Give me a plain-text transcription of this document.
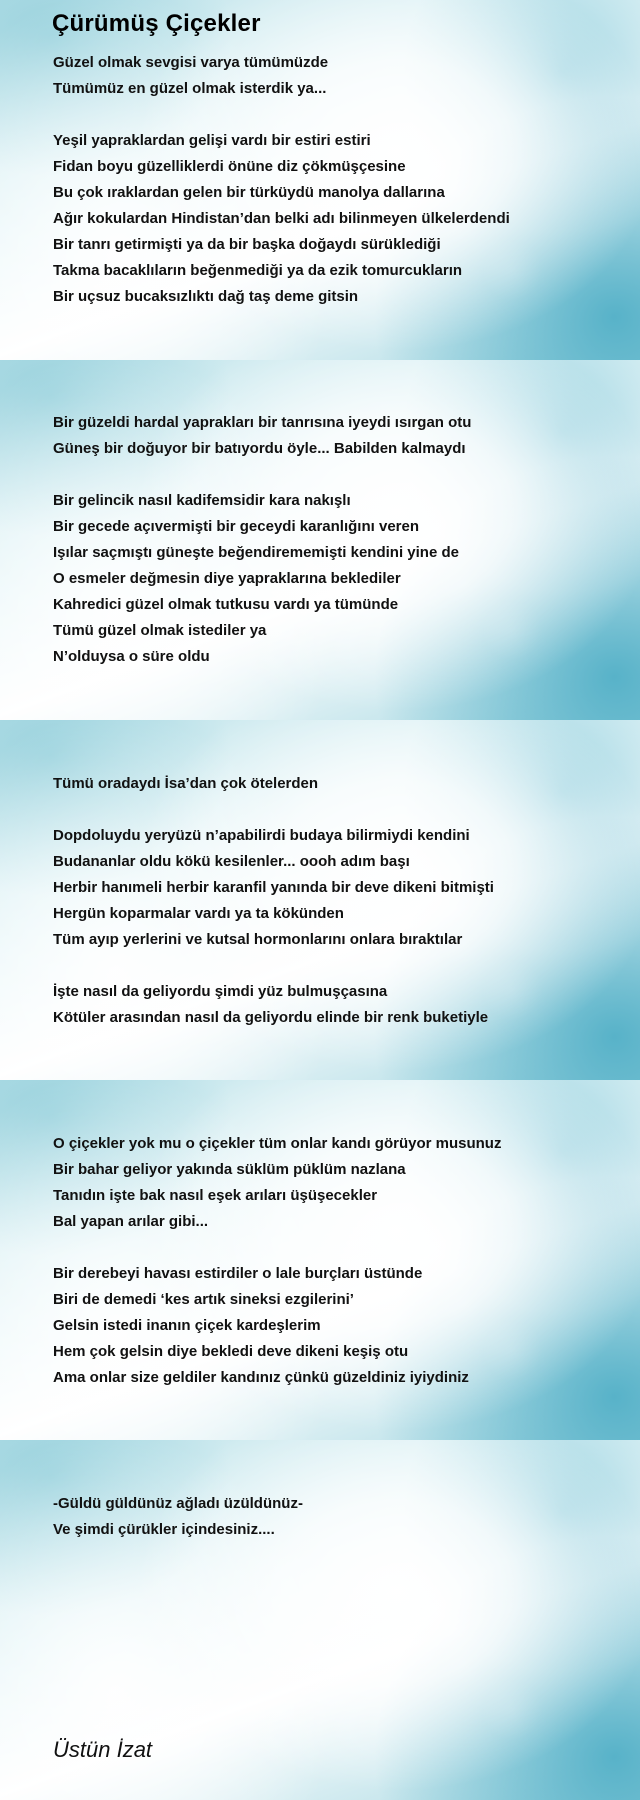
Çürümüş Çiçekler

Güzel olmak sevgisi varya tümümüzde
Tümümüz en güzel olmak isterdik ya...

Yeşil yapraklardan gelişi vardı bir estiri estiri
Fidan boyu güzelliklerdi önüne diz çökmüşçesine
Bu çok ıraklardan gelen bir türküydü manolya dallarına
Ağır kokulardan Hindistan’dan belki adı bilinmeyen ülkelerdendi
Bir tanrı getirmişti ya da bir başka doğaydı sürüklediği
Takma bacaklıların beğenmediği ya da ezik tomurcukların
Bir uçsuz bucaksızlıktı dağ taş deme gitsin

Bir güzeldi hardal yaprakları bir tanrısına iyeydi ısırgan otu
Güneş bir doğuyor bir batıyordu öyle... Babilden kalmaydı

Bir gelincik nasıl kadifemsidir kara nakışlı
Bir gecede açıvermişti bir geceydi karanlığını veren
Işılar saçmıştı güneşte beğendirememişti kendini yine de
O esmeler değmesin diye yapraklarına beklediler
Kahredici güzel olmak tutkusu vardı ya tümünde
Tümü güzel olmak istediler ya
N’olduysa o süre oldu

Tümü oradaydı İsa’dan çok ötelerden

Dopdoluydu yeryüzü n’apabilirdi budaya bilirmiydi kendini
Budananlar oldu kökü kesilenler... oooh adım başı
Herbir hanımeli herbir karanfil yanında bir deve dikeni bitmişti
Hergün koparmalar vardı ya ta kökünden
Tüm ayıp yerlerini ve kutsal hormonlarını onlara bıraktılar

İşte nasıl da geliyordu şimdi yüz bulmuşçasına
Kötüler arasından nasıl da geliyordu elinde bir renk buketiyle

O çiçekler yok mu o çiçekler tüm onlar kandı görüyor musunuz
Bir bahar geliyor yakında süklüm püklüm nazlana
Tanıdın işte bak nasıl eşek arıları üşüşecekler
Bal yapan arılar gibi...

Bir derebeyi havası estirdiler o lale burçları üstünde
Biri de demedi ‘kes artık sineksi ezgilerini’
Gelsin istedi inanın çiçek kardeşlerim
Hem çok gelsin diye bekledi deve dikeni keşiş otu
Ama onlar size geldiler kandınız çünkü güzeldiniz iyiydiniz

-Güldü güldünüz ağladı üzüldünüz-
Ve şimdi çürükler içindesiniz....

Üstün İzat
